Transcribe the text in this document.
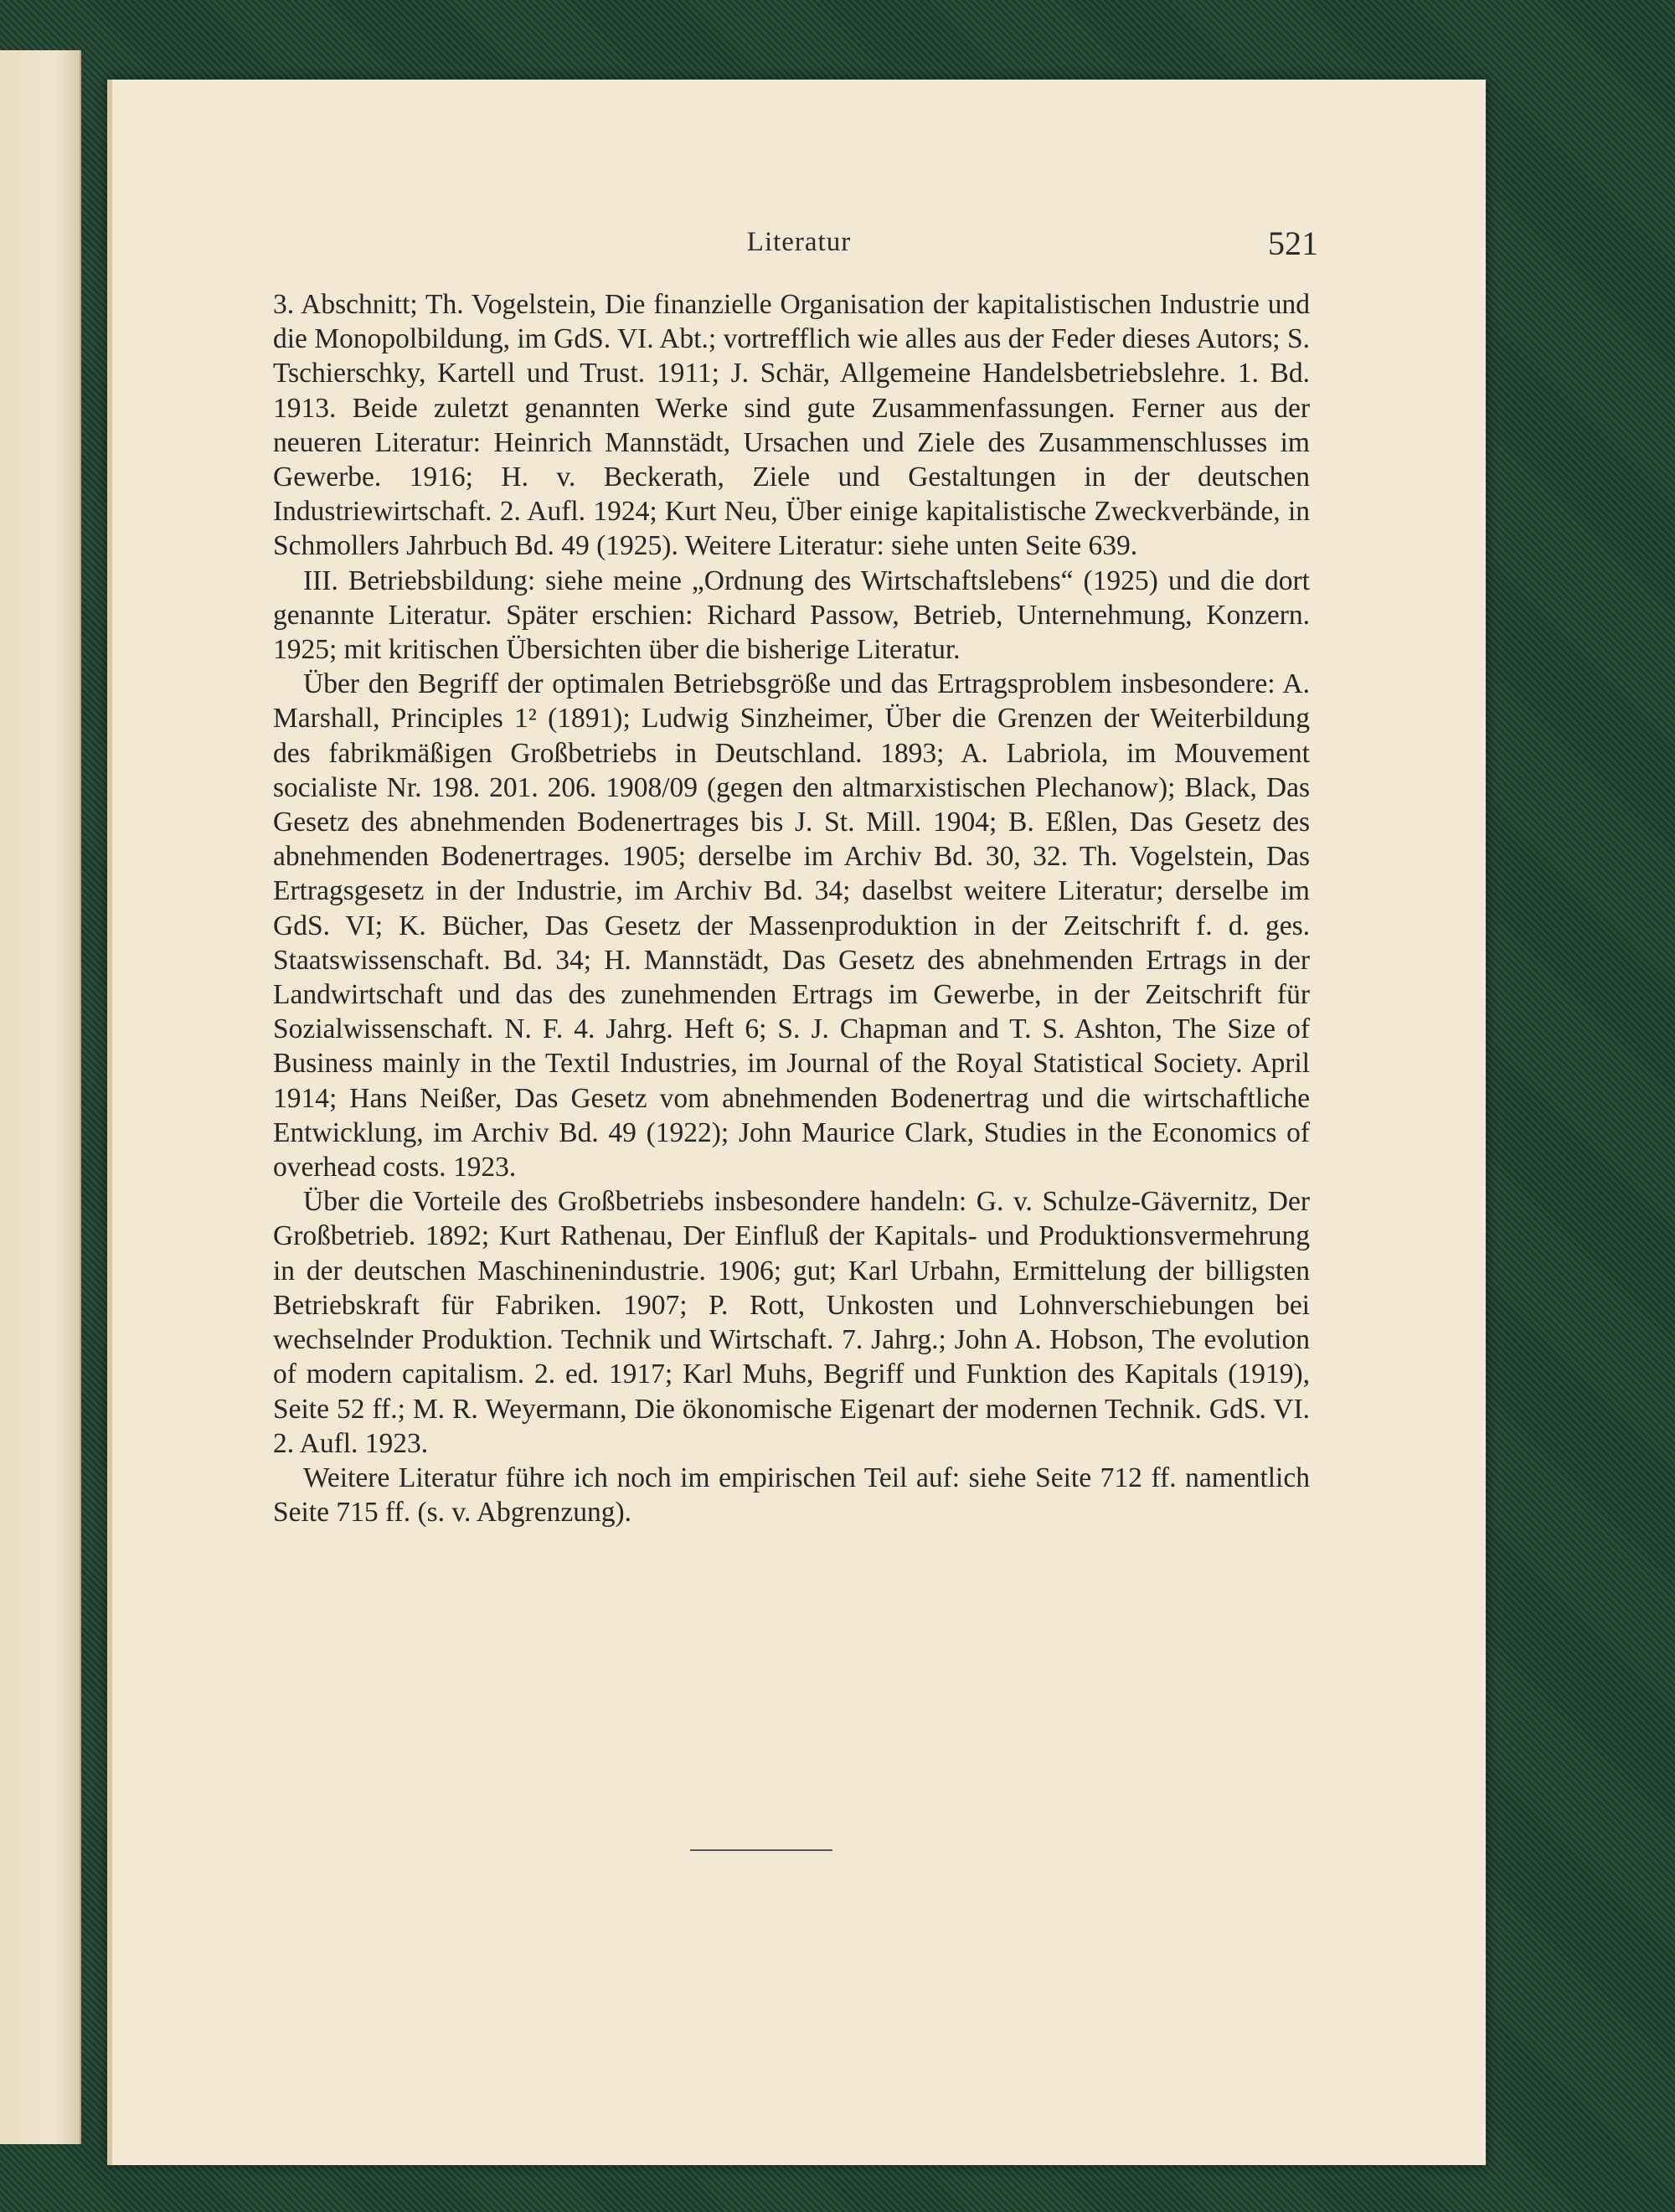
Literatur	521

3. Abschnitt; Th. Vogelstein, Die finanzielle Organisation der kapitalistischen Industrie und die Monopolbildung, im GdS. VI. Abt.; vortrefflich wie alles aus der Feder dieses Autors; S. Tschierschky, Kartell und Trust. 1911; J. Schär, Allgemeine Handelsbetriebslehre. 1. Bd. 1913. Beide zuletzt genannten Werke sind gute Zusammenfassungen. Ferner aus der neueren Literatur: Heinrich Mannstädt, Ursachen und Ziele des Zusammenschlusses im Gewerbe. 1916; H. v. Beckerath, Ziele und Gestaltungen in der deutschen Industriewirtschaft. 2. Aufl. 1924; Kurt Neu, Über einige kapitalistische Zweckverbände, in Schmollers Jahrbuch Bd. 49 (1925). Weitere Literatur: siehe unten Seite 639.

III. Betriebsbildung: siehe meine „Ordnung des Wirtschaftslebens“ (1925) und die dort genannte Literatur. Später erschien: Richard Passow, Betrieb, Unternehmung, Konzern. 1925; mit kritischen Übersichten über die bisherige Literatur.

Über den Begriff der optimalen Betriebsgröße und das Ertragsproblem insbesondere: A. Marshall, Principles 1² (1891); Ludwig Sinzheimer, Über die Grenzen der Weiterbildung des fabrikmäßigen Großbetriebs in Deutschland. 1893; A. Labriola, im Mouvement socialiste Nr. 198. 201. 206. 1908/09 (gegen den altmarxistischen Plechanow); Black, Das Gesetz des abnehmenden Bodenertrages bis J. St. Mill. 1904; B. Eßlen, Das Gesetz des abnehmenden Bodenertrages. 1905; derselbe im Archiv Bd. 30, 32. Th. Vogelstein, Das Ertragsgesetz in der Industrie, im Archiv Bd. 34; daselbst weitere Literatur; derselbe im GdS. VI; K. Bücher, Das Gesetz der Massenproduktion in der Zeitschrift f. d. ges. Staatswissenschaft. Bd. 34; H. Mannstädt, Das Gesetz des abnehmenden Ertrags in der Landwirtschaft und das des zunehmenden Ertrags im Gewerbe, in der Zeitschrift für Sozialwissenschaft. N. F. 4. Jahrg. Heft 6; S. J. Chapman and T. S. Ashton, The Size of Business mainly in the Textil Industries, im Journal of the Royal Statistical Society. April 1914; Hans Neißer, Das Gesetz vom abnehmenden Bodenertrag und die wirtschaftliche Entwicklung, im Archiv Bd. 49 (1922); John Maurice Clark, Studies in the Economics of overhead costs. 1923.

Über die Vorteile des Großbetriebs insbesondere handeln: G. v. Schulze-Gävernitz, Der Großbetrieb. 1892; Kurt Rathenau, Der Einfluß der Kapitals- und Produktionsvermehrung in der deutschen Maschinenindustrie. 1906; gut; Karl Urbahn, Ermittelung der billigsten Betriebskraft für Fabriken. 1907; P. Rott, Unkosten und Lohnverschiebungen bei wechselnder Produktion. Technik und Wirtschaft. 7. Jahrg.; John A. Hobson, The evolution of modern capitalism. 2. ed. 1917; Karl Muhs, Begriff und Funktion des Kapitals (1919), Seite 52 ff.; M. R. Weyermann, Die ökonomische Eigenart der modernen Technik. GdS. VI. 2. Aufl. 1923.

Weitere Literatur führe ich noch im empirischen Teil auf: siehe Seite 712 ff. namentlich Seite 715 ff. (s. v. Abgrenzung).
